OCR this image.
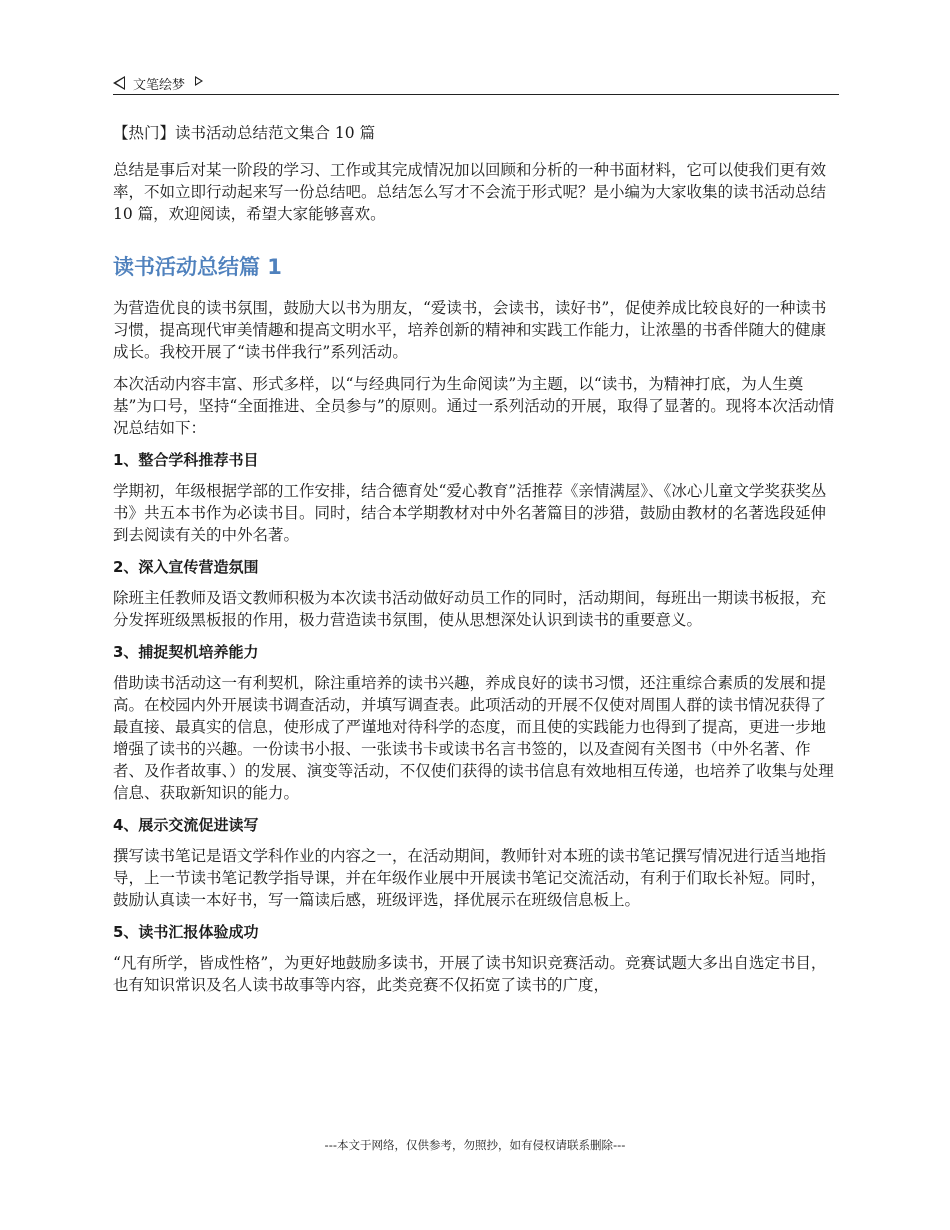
文笔绘梦

【热门】读书活动总结范文集合 10 篇

总结是事后对某一阶段的学习、工作或其完成情况加以回顾和分析的一种书面材料，它可以使我们更有效率，不如立即行动起来写一份总结吧。总结怎么写才不会流于形式呢？是小编为大家收集的读书活动总结 10 篇，欢迎阅读，希望大家能够喜欢。

读书活动总结篇 1

为营造优良的读书氛围，鼓励大以书为朋友，“爱读书，会读书，读好书”，促使养成比较良好的一种读书习惯，提高现代审美情趣和提高文明水平，培养创新的精神和实践工作能力，让浓墨的书香伴随大的健康成长。我校开展了“读书伴我行”系列活动。

本次活动内容丰富、形式多样，以“与经典同行为生命阅读”为主题，以“读书，为精神打底，为人生奠基”为口号，坚持“全面推进、全员参与”的原则。通过一系列活动的开展，取得了显著的。现将本次活动情况总结如下：

1、整合学科推荐书目

学期初，年级根据学部的工作安排，结合德育处“爱心教育”活推荐《亲情满屋》、《冰心儿童文学奖获奖丛书》共五本书作为必读书目。同时，结合本学期教材对中外名著篇目的涉猎，鼓励由教材的名著选段延伸到去阅读有关的中外名著。

2、深入宣传营造氛围

除班主任教师及语文教师积极为本次读书活动做好动员工作的同时，活动期间，每班出一期读书板报，充分发挥班级黑板报的作用，极力营造读书氛围，使从思想深处认识到读书的重要意义。

3、捕捉契机培养能力

借助读书活动这一有利契机，除注重培养的读书兴趣，养成良好的读书习惯，还注重综合素质的发展和提高。在校园内外开展读书调查活动，并填写调查表。此项活动的开展不仅使对周围人群的读书情况获得了最直接、最真实的信息，使形成了严谨地对待科学的态度，而且使的实践能力也得到了提高，更进一步地增强了读书的兴趣。一份读书小报、一张读书卡或读书名言书签的，以及查阅有关图书（中外名著、作者、及作者故事、）的发展、演变等活动，不仅使们获得的读书信息有效地相互传递，也培养了收集与处理信息、获取新知识的能力。

4、展示交流促进读写

撰写读书笔记是语文学科作业的内容之一，在活动期间，教师针对本班的读书笔记撰写情况进行适当地指导，上一节读书笔记教学指导课，并在年级作业展中开展读书笔记交流活动，有利于们取长补短。同时，鼓励认真读一本好书，写一篇读后感，班级评选，择优展示在班级信息板上。

5、读书汇报体验成功

“凡有所学，皆成性格”，为更好地鼓励多读书，开展了读书知识竞赛活动。竞赛试题大多出自选定书目，也有知识常识及名人读书故事等内容，此类竞赛不仅拓宽了读书的广度，

---本文于网络，仅供参考，勿照抄，如有侵权请联系删除---
